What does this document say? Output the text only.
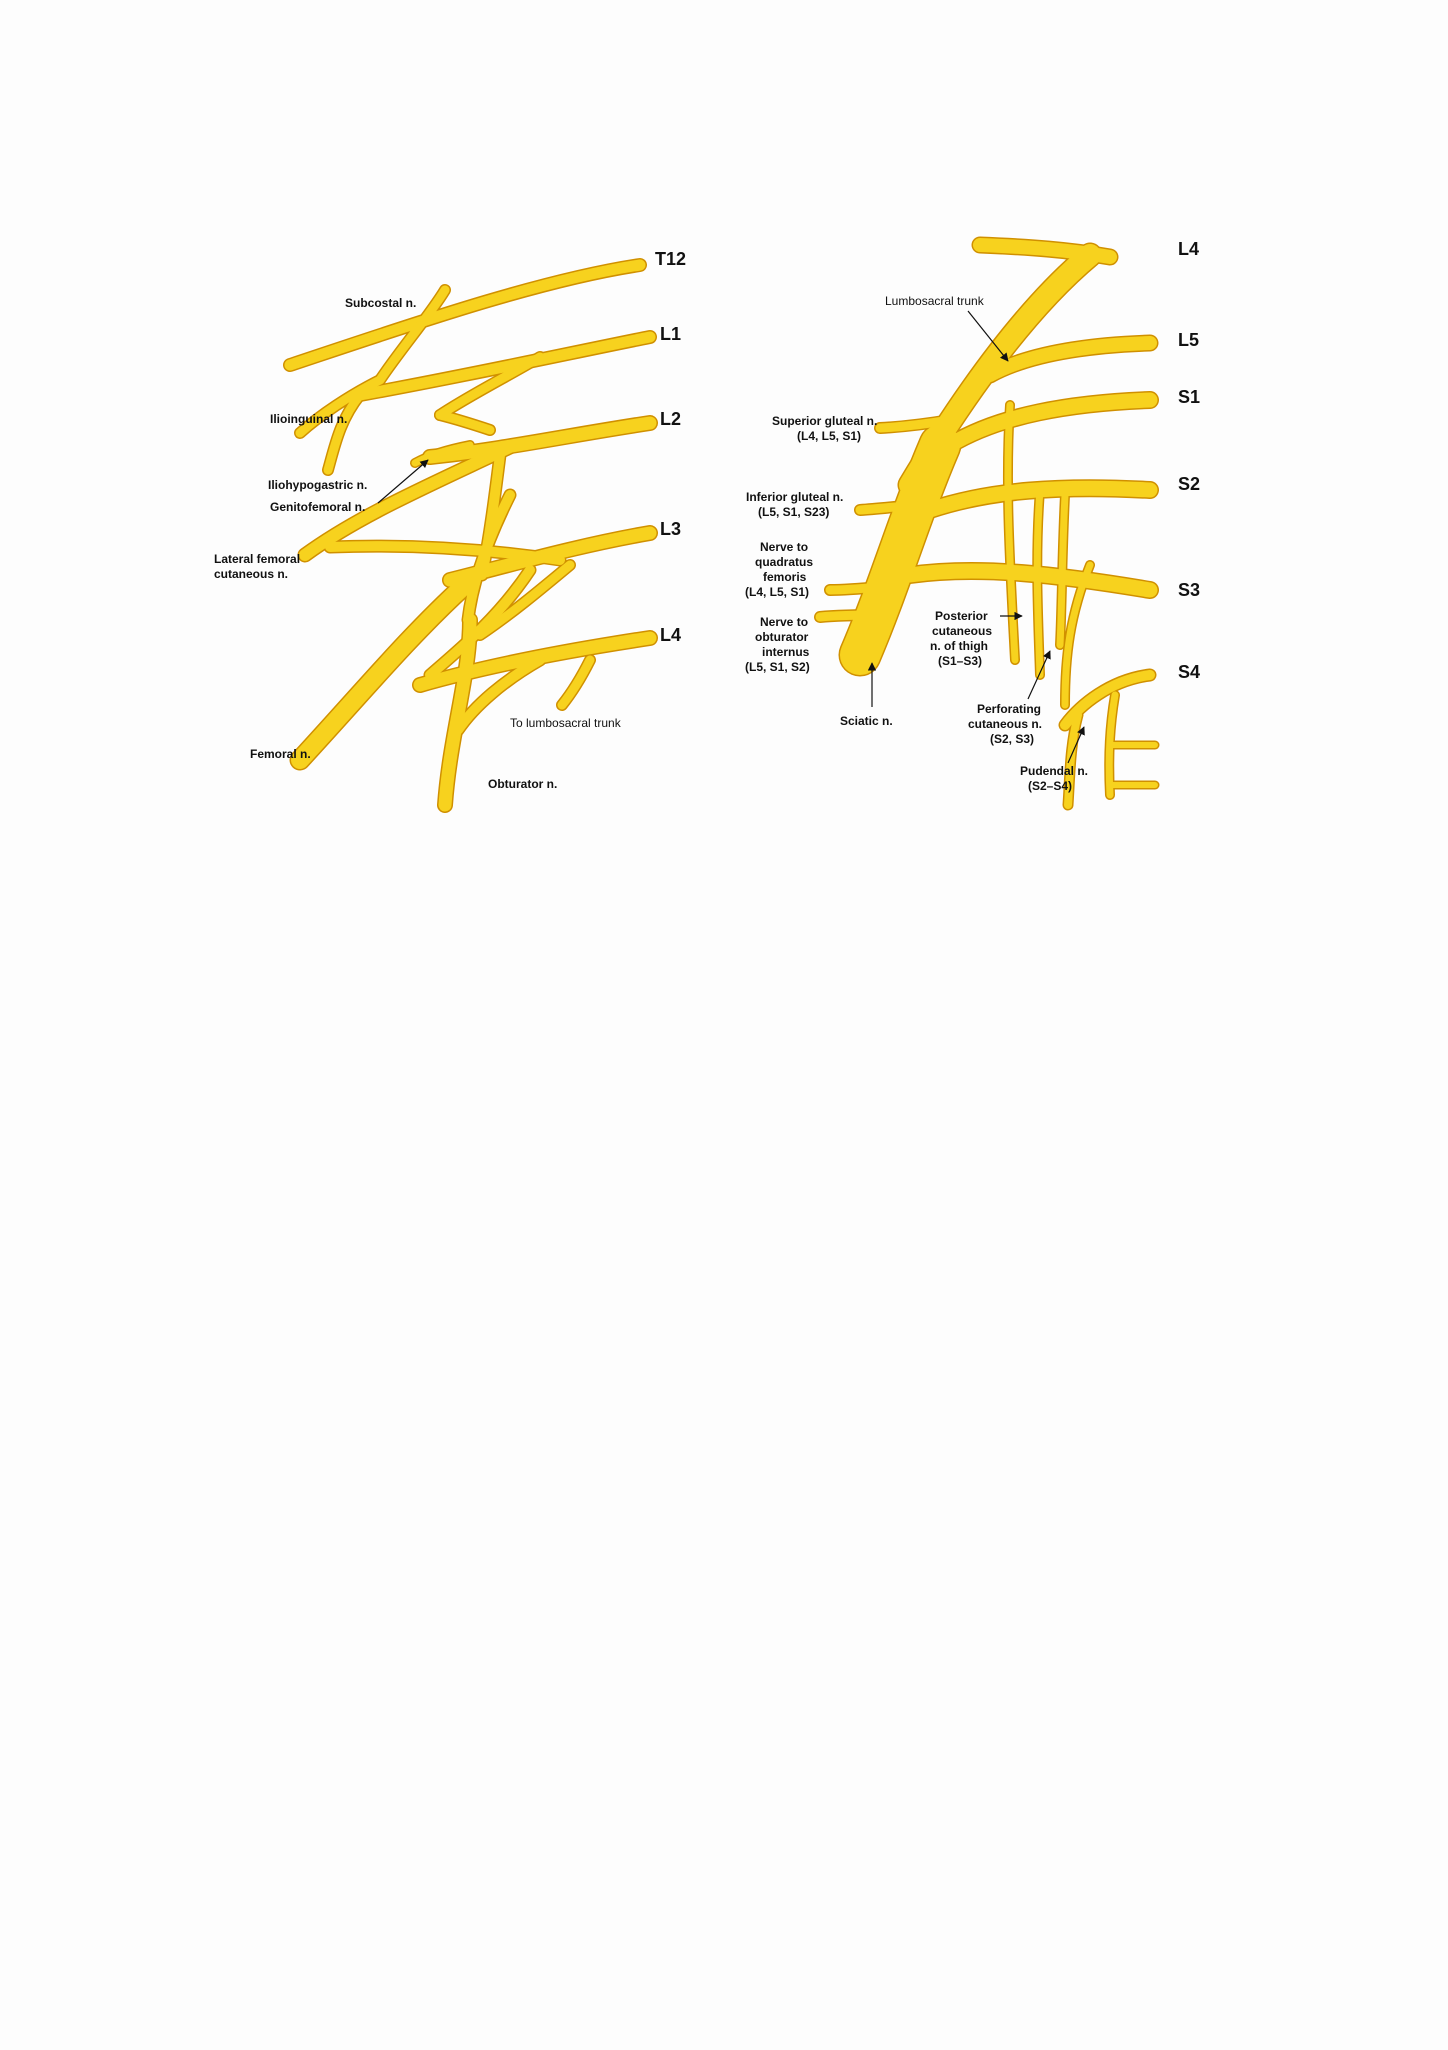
T12
L1
L2
L3
L4
Subcostal n.
Ilioinguinal n.
Iliohypogastric n.
Genitofemoral n.
Lateral femoral
cutaneous n.
Femoral n.
Obturator n.
To lumbosacral trunk
L4
L5
S1
S2
S3
S4
Lumbosacral trunk
Superior gluteal n.
(L4, L5, S1)
Inferior gluteal n.
(L5, S1, S23)
Nerve to
quadratus
femoris
(L4, L5, S1)
Nerve to
obturator
internus
(L5, S1, S2)
Sciatic n.
Posterior
cutaneous
n. of thigh
(S1–S3)
Perforating
cutaneous n.
(S2, S3)
Pudendal n.
(S2–S4)
